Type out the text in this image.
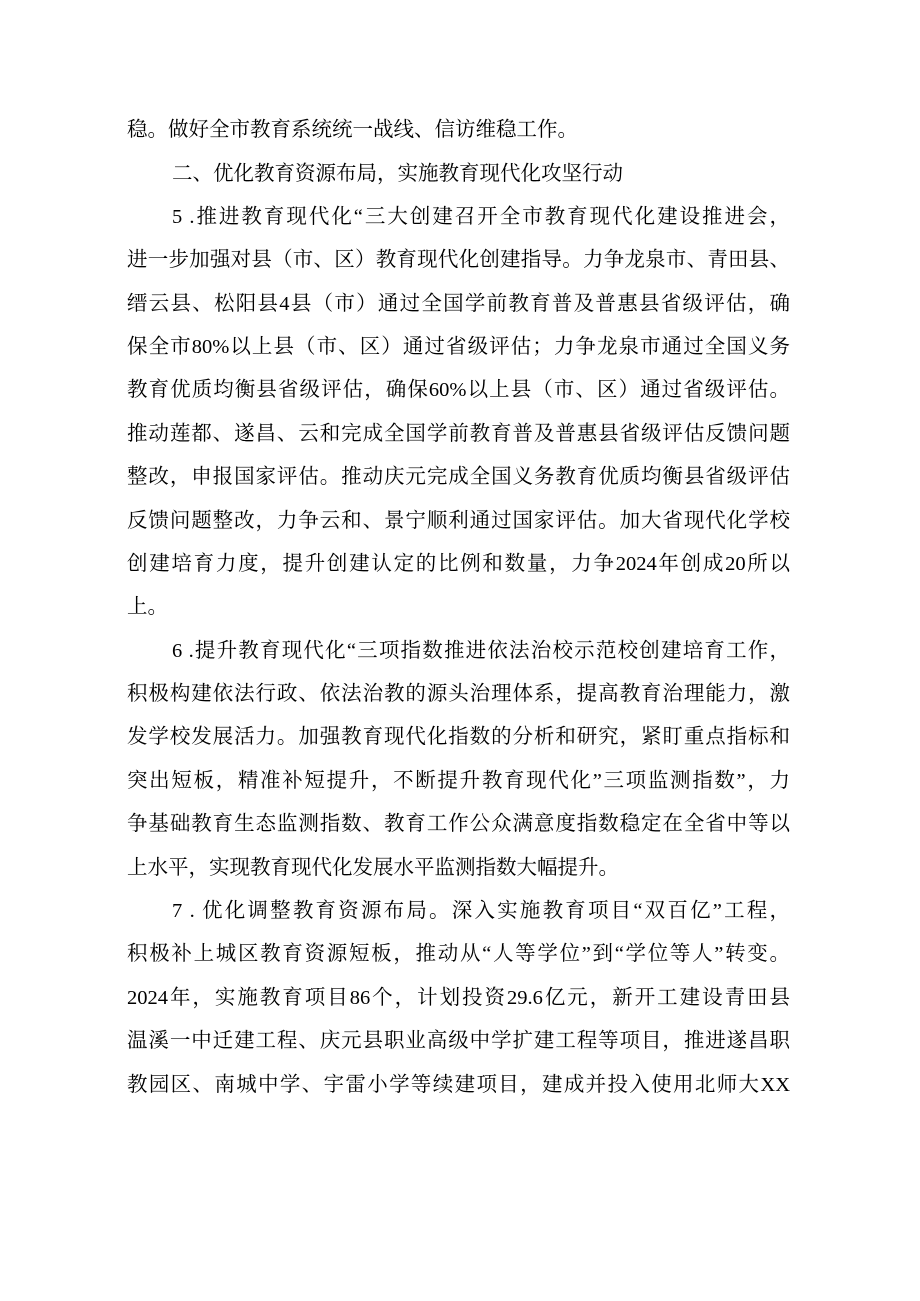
稳。做好全市教育系统统一战线、信访维稳工作。
二、优化教育资源布局，实施教育现代化攻坚行动
5 .推进教育现代化“三大创建召开全市教育现代化建设推进会，
进一步加强对县（市、区）教育现代化创建指导。力争龙泉市、青田县、
缙云县、松阳县4县（市）通过全国学前教育普及普惠县省级评估，确
保全市80%以上县（市、区）通过省级评估；力争龙泉市通过全国义务
教育优质均衡县省级评估，确保60%以上县（市、区）通过省级评估。
推动莲都、遂昌、云和完成全国学前教育普及普惠县省级评估反馈问题
整改，申报国家评估。推动庆元完成全国义务教育优质均衡县省级评估
反馈问题整改，力争云和、景宁顺利通过国家评估。加大省现代化学校
创建培育力度，提升创建认定的比例和数量，力争2024年创成20所以
上。
6 .提升教育现代化“三项指数推进依法治校示范校创建培育工作，
积极构建依法行政、依法治教的源头治理体系，提高教育治理能力，激
发学校发展活力。加强教育现代化指数的分析和研究，紧盯重点指标和
突出短板，精准补短提升，不断提升教育现代化”三项监测指数”，力
争基础教育生态监测指数、教育工作公众满意度指数稳定在全省中等以
上水平，实现教育现代化发展水平监测指数大幅提升。
7 . 优化调整教育资源布局。深入实施教育项目“双百亿”工程，
积极补上城区教育资源短板，推动从“人等学位”到“学位等人”转变。
2024年，实施教育项目86个，计划投资29.6亿元，新开工建设青田县
温溪一中迁建工程、庆元县职业高级中学扩建工程等项目，推进遂昌职
教园区、南城中学、宇雷小学等续建项目，建成并投入使用北师大XX
